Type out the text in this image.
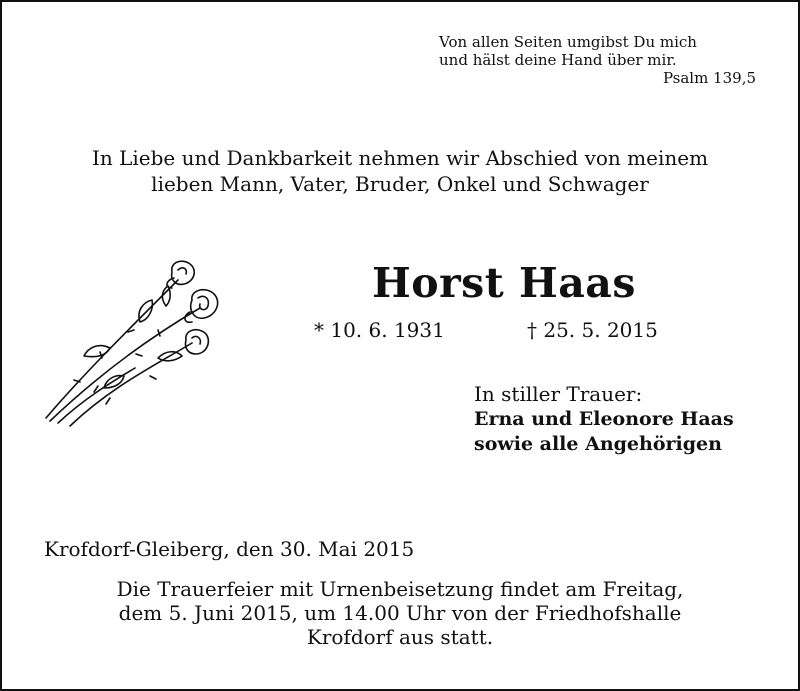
Von allen Seiten umgibst Du mich
und hälst deine Hand über mir.
Psalm 139,5
In Liebe und Dankbarkeit nehmen wir Abschied von meinem
lieben Mann, Vater, Bruder, Onkel und Schwager
Horst Haas
* 10. 6. 1931	† 25. 5. 2015
In stiller Trauer:
Erna und Eleonore Haas
sowie alle Angehörigen
Krofdorf-Gleiberg, den 30. Mai 2015
Die Trauerfeier mit Urnenbeisetzung findet am Freitag,
dem 5. Juni 2015, um 14.00 Uhr von der Friedhofshalle
Krofdorf aus statt.
